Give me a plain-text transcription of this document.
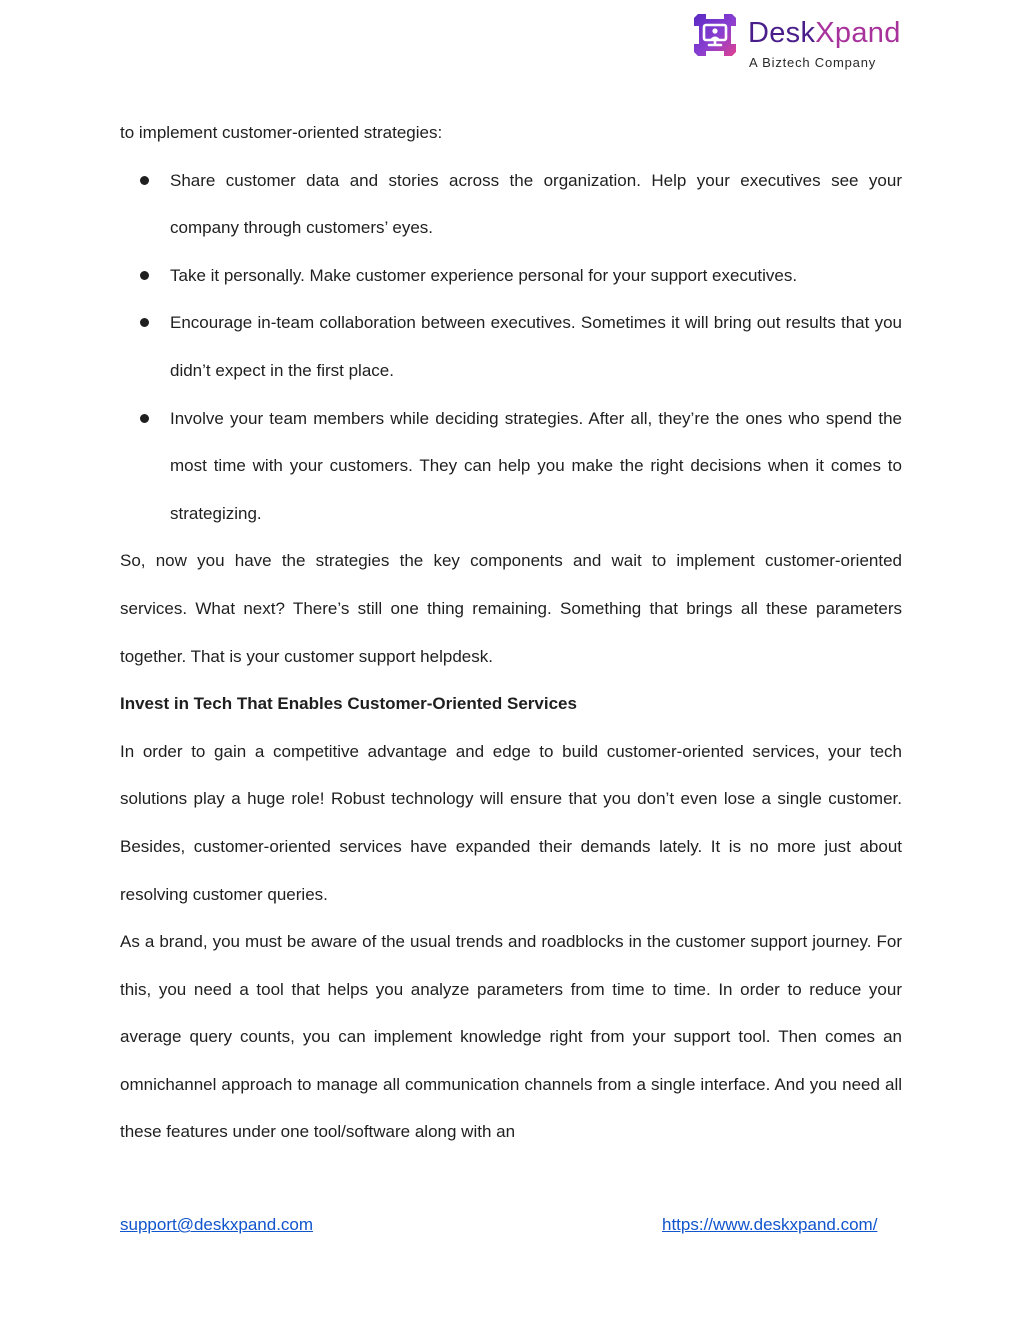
DeskXpand
A Biztech Company

to implement customer-oriented strategies:

Share customer data and stories across the organization. Help your executives see your company through customers’ eyes.
Take it personally. Make customer experience personal for your support executives.
Encourage in-team collaboration between executives. Sometimes it will bring out results that you didn’t expect in the first place.
Involve your team members while deciding strategies. After all, they’re the ones who spend the most time with your customers. They can help you make the right decisions when it comes to strategizing.

So, now you have the strategies the key components and wait to implement customer-oriented services. What next? There’s still one thing remaining. Something that brings all these parameters together. That is your customer support helpdesk.

Invest in Tech That Enables Customer-Oriented Services

In order to gain a competitive advantage and edge to build customer-oriented services, your tech solutions play a huge role! Robust technology will ensure that you don’t even lose a single customer. Besides, customer-oriented services have expanded their demands lately. It is no more just about resolving customer queries.

As a brand, you must be aware of the usual trends and roadblocks in the customer support journey. For this, you need a tool that helps you analyze parameters from time to time. In order to reduce your average query counts, you can implement knowledge right from your support tool. Then comes an omnichannel approach to manage all communication channels from a single interface. And you need all these features under one tool/software along with an

support@deskxpand.com	https://www.deskxpand.com/
